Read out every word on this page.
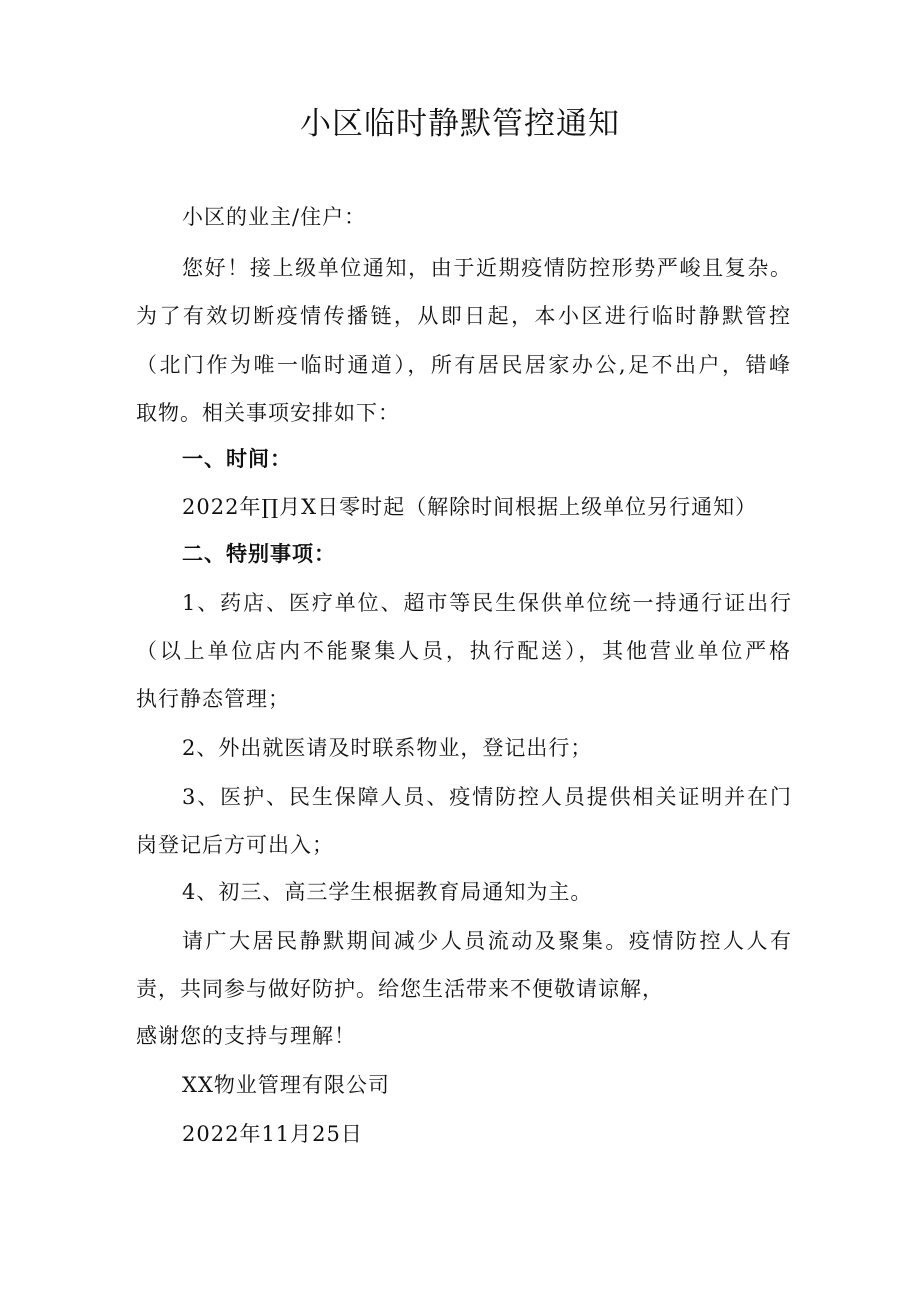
小区临时静默管控通知
小区的业主/住户：
您好！接上级单位通知，由于近期疫情防控形势严峻且复杂。
为了有效切断疫情传播链，从即日起，本小区进行临时静默管控
（北门作为唯一临时通道），所有居民居家办公,足不出户，错峰
取物。相关事项安排如下：
一、时间：
2022年∏月X日零时起（解除时间根据上级单位另行通知）
二、特别事项：
1、药店、医疗单位、超市等民生保供单位统一持通行证出行
（以上单位店内不能聚集人员，执行配送），其他营业单位严格
执行静态管理；
2、外出就医请及时联系物业，登记出行；
3、医护、民生保障人员、疫情防控人员提供相关证明并在门
岗登记后方可出入；
4、初三、高三学生根据教育局通知为主。
请广大居民静默期间减少人员流动及聚集。疫情防控人人有
责，共同参与做好防护。给您生活带来不便敬请谅解，
感谢您的支持与理解！
XX物业管理有限公司
2022年11月25日
